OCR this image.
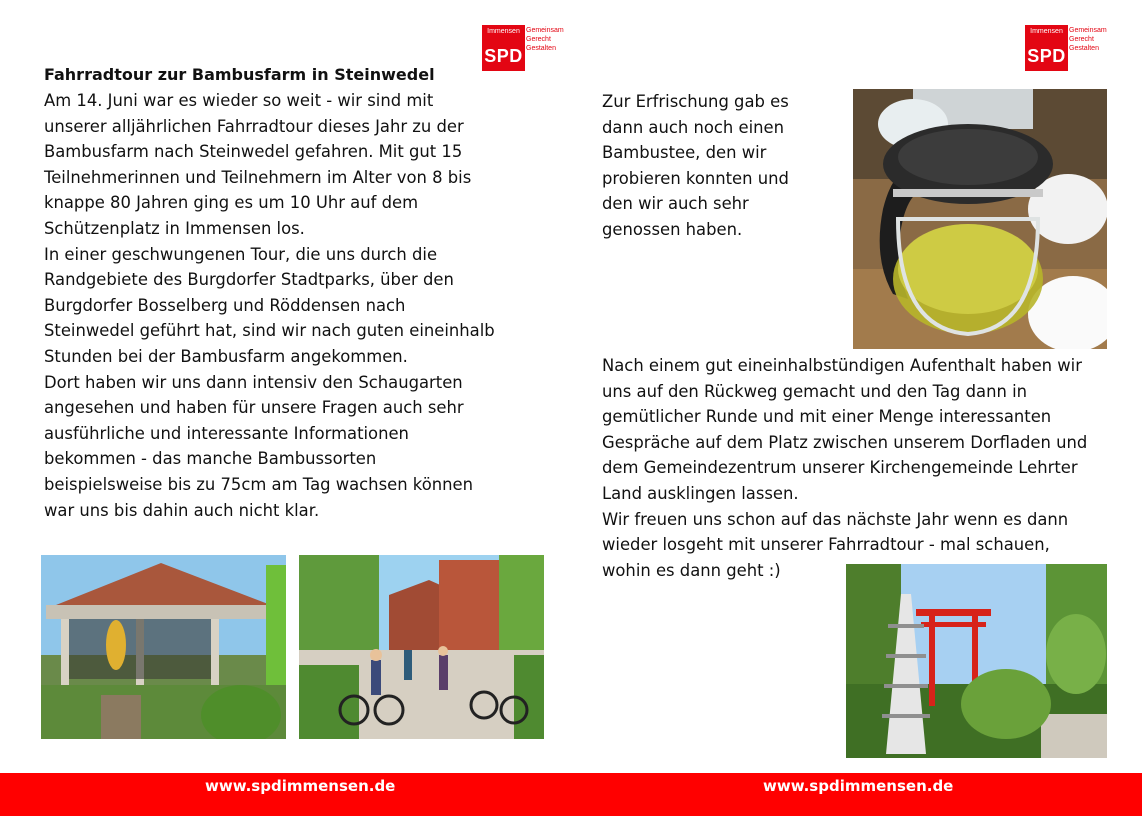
Immensen
SPD
Gemeinsam
Gerecht
Gestalten
Immensen
SPD
Gemeinsam
Gerecht
Gestalten
Fahrradtour zur Bambusfarm in Steinwedel

Am 14. Juni war es wieder so weit - wir sind mit

unserer alljährlichen Fahrradtour dieses Jahr zu der

Bambusfarm nach Steinwedel gefahren. Mit gut 15

Teilnehmerinnen und Teilnehmern im Alter von 8 bis

knappe 80 Jahren ging es um 10 Uhr auf dem

Schützenplatz in Immensen los.

In einer geschwungenen Tour, die uns durch die

Randgebiete des Burgdorfer Stadtparks, über den

Burgdorfer Bosselberg und Röddensen nach

Steinwedel geführt hat, sind wir nach guten eineinhalb

Stunden bei der Bambusfarm angekommen.

Dort haben wir uns dann intensiv den Schaugarten

angesehen und haben für unsere Fragen auch sehr

ausführliche und interessante Informationen

bekommen - das manche Bambussorten

beispielsweise bis zu 75cm am Tag wachsen können

war uns bis dahin auch nicht klar.

Zur Erfrischung gab es

dann auch noch einen

Bambustee, den wir

probieren konnten und

den wir auch sehr

genossen haben.

Nach einem gut eineinhalbstündigen Aufenthalt haben wir

uns auf den Rückweg gemacht und den Tag dann in

gemütlicher Runde und mit einer Menge interessanten

Gespräche auf dem Platz zwischen unserem Dorfladen und

dem Gemeindezentrum unserer Kirchengemeinde Lehrter

Land ausklingen lassen.

Wir freuen uns schon auf das nächste Jahr wenn es dann

wieder losgeht mit unserer Fahrradtour - mal schauen,

wohin es dann geht :)

www.spdimmensen.de	www.spdimmensen.de
